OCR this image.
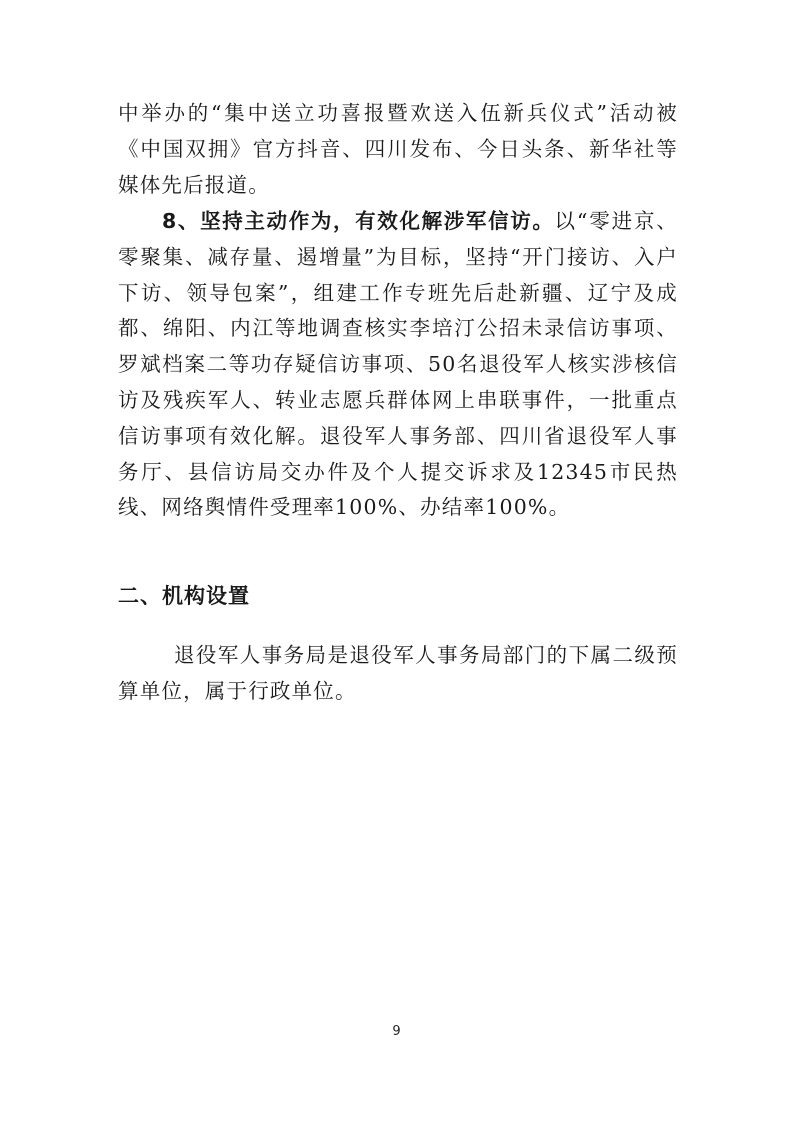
中举办的“集中送立功喜报暨欢送入伍新兵仪式”活动被《中国双拥》官方抖音、四川发布、今日头条、新华社等媒体先后报道。

8、坚持主动作为，有效化解涉军信访。以“零进京、零聚集、减存量、遏增量”为目标，坚持“开门接访、入户下访、领导包案”，组建工作专班先后赴新疆、辽宁及成都、绵阳、内江等地调查核实李培汀公招未录信访事项、罗斌档案二等功存疑信访事项、50名退役军人核实涉核信访及残疾军人、转业志愿兵群体网上串联事件，一批重点信访事项有效化解。退役军人事务部、四川省退役军人事务厅、县信访局交办件及个人提交诉求及12345市民热线、网络舆情件受理率100%、办结率100%。

二、机构设置

退役军人事务局是退役军人事务局部门的下属二级预算单位，属于行政单位。

9
